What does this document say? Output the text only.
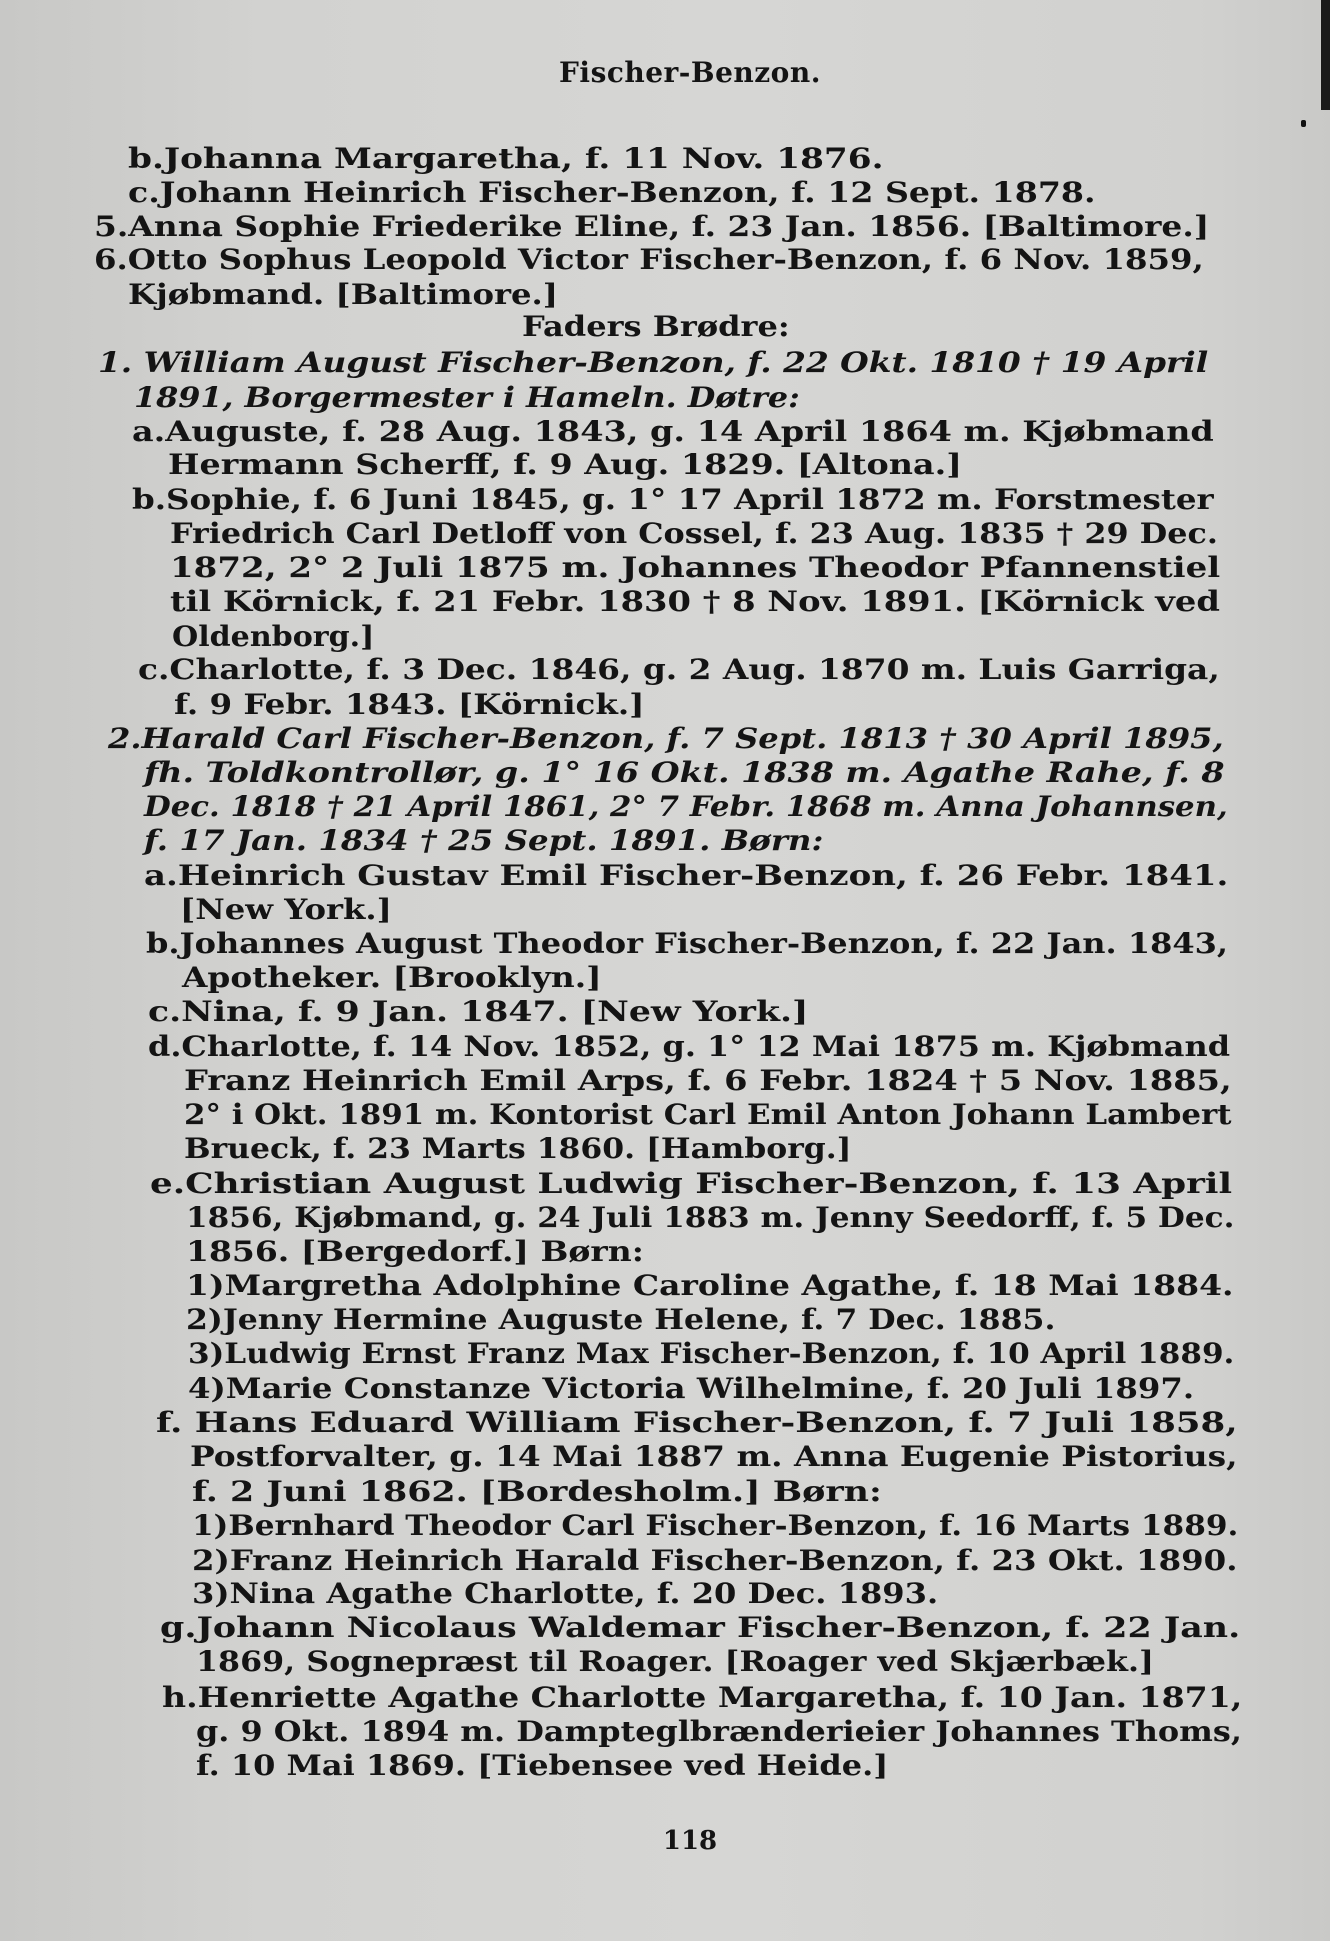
Fischer-Benzon.
b.Johanna Margaretha, f. 11 Nov. 1876.
c.Johann Heinrich Fischer-Benzon, f. 12 Sept. 1878.
5.Anna Sophie Friederike Eline, f. 23 Jan. 1856. [Baltimore.]
6.Otto Sophus Leopold Victor Fischer-Benzon, f. 6 Nov. 1859,
Kjøbmand. [Baltimore.]
Faders Brødre:
1. William August Fischer-Benzon, f. 22 Okt. 1810 † 19 April
1891, Borgermester i Hameln. Døtre:
a.Auguste, f. 28 Aug. 1843, g. 14 April 1864 m. Kjøbmand
Hermann Scherff, f. 9 Aug. 1829. [Altona.]
b.Sophie, f. 6 Juni 1845, g. 1° 17 April 1872 m. Forstmester
Friedrich Carl Detloff von Cossel, f. 23 Aug. 1835 † 29 Dec.
1872, 2° 2 Juli 1875 m. Johannes Theodor Pfannenstiel
til Körnick, f. 21 Febr. 1830 † 8 Nov. 1891. [Körnick ved
Oldenborg.]
c.Charlotte, f. 3 Dec. 1846, g. 2 Aug. 1870 m. Luis Garriga,
f. 9 Febr. 1843. [Körnick.]
2.Harald Carl Fischer-Benzon, f. 7 Sept. 1813 † 30 April 1895,
fh. Toldkontrollør, g. 1° 16 Okt. 1838 m. Agathe Rahe, f. 8
Dec. 1818 † 21 April 1861, 2° 7 Febr. 1868 m. Anna Johannsen,
f. 17 Jan. 1834 † 25 Sept. 1891. Børn:
a.Heinrich Gustav Emil Fischer-Benzon, f. 26 Febr. 1841.
[New York.]
b.Johannes August Theodor Fischer-Benzon, f. 22 Jan. 1843,
Apotheker. [Brooklyn.]
c.Nina, f. 9 Jan. 1847. [New York.]
d.Charlotte, f. 14 Nov. 1852, g. 1° 12 Mai 1875 m. Kjøbmand
Franz Heinrich Emil Arps, f. 6 Febr. 1824 † 5 Nov. 1885,
2° i Okt. 1891 m. Kontorist Carl Emil Anton Johann Lambert
Brueck, f. 23 Marts 1860. [Hamborg.]
e.Christian August Ludwig Fischer-Benzon, f. 13 April
1856, Kjøbmand, g. 24 Juli 1883 m. Jenny Seedorff, f. 5 Dec.
1856. [Bergedorf.] Børn:
1)Margretha Adolphine Caroline Agathe, f. 18 Mai 1884.
2)Jenny Hermine Auguste Helene, f. 7 Dec. 1885.
3)Ludwig Ernst Franz Max Fischer-Benzon, f. 10 April 1889.
4)Marie Constanze Victoria Wilhelmine, f. 20 Juli 1897.
f. Hans Eduard William Fischer-Benzon, f. 7 Juli 1858,
Postforvalter, g. 14 Mai 1887 m. Anna Eugenie Pistorius,
f. 2 Juni 1862. [Bordesholm.] Børn:
1)Bernhard Theodor Carl Fischer-Benzon, f. 16 Marts 1889.
2)Franz Heinrich Harald Fischer-Benzon, f. 23 Okt. 1890.
3)Nina Agathe Charlotte, f. 20 Dec. 1893.
g.Johann Nicolaus Waldemar Fischer-Benzon, f. 22 Jan.
1869, Sognepræst til Roager. [Roager ved Skjærbæk.]
h.Henriette Agathe Charlotte Margaretha, f. 10 Jan. 1871,
g. 9 Okt. 1894 m. Dampteglbrænderieier Johannes Thoms,
f. 10 Mai 1869. [Tiebensee ved Heide.]
118
